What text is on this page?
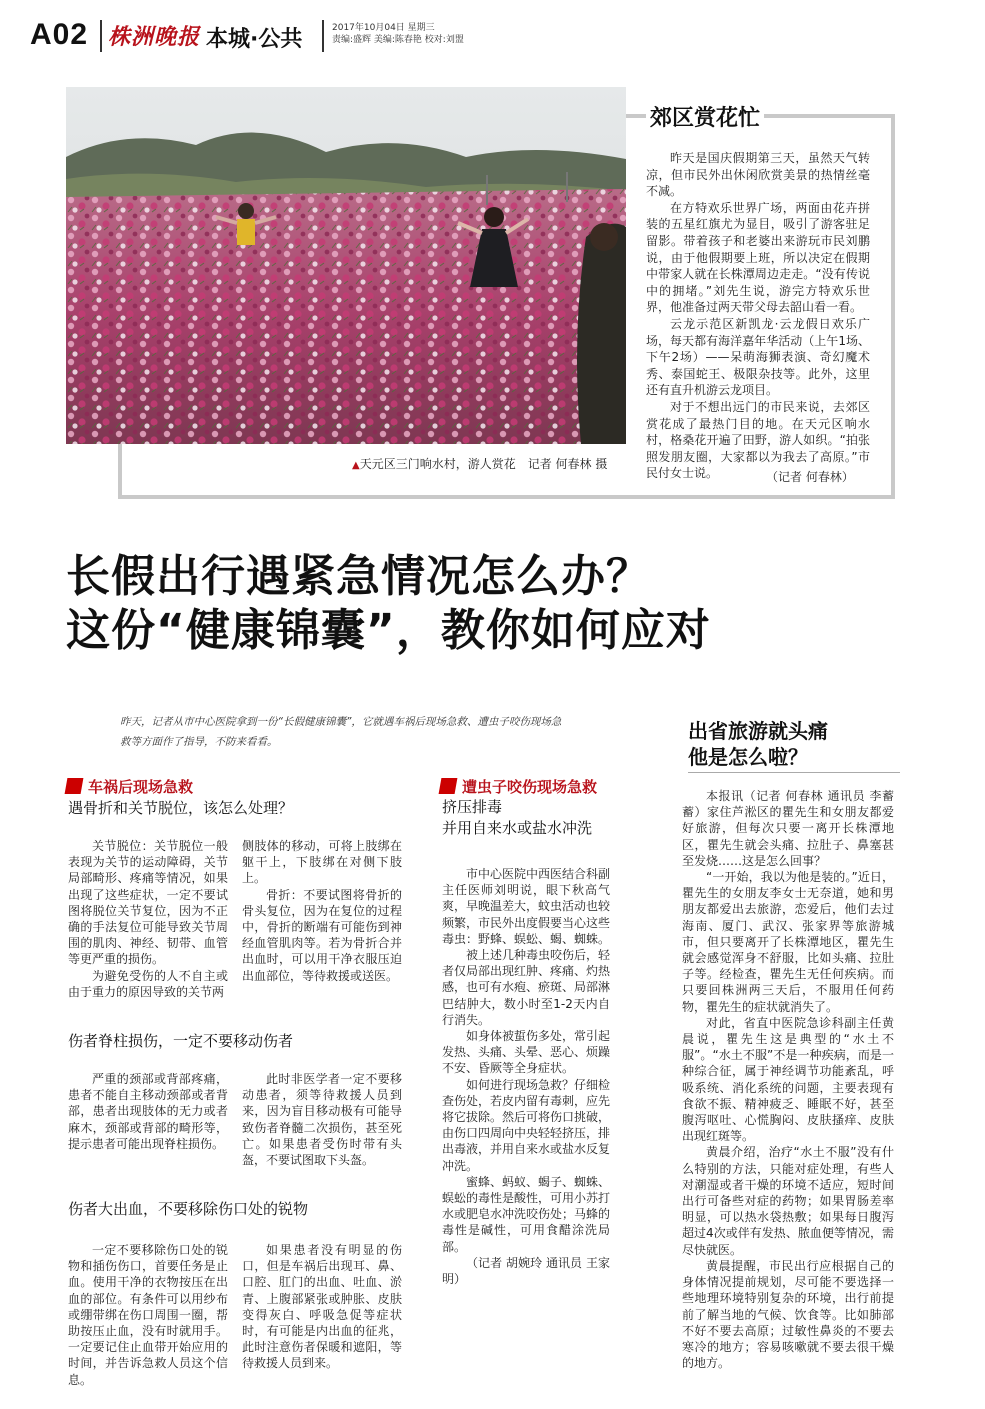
A02 株洲晚报 本城·公共	2017年10月04日 星期三
责编:盛辉 美编:陈春艳 校对:刘盟
▲天元区三门响水村，游人赏花　记者 何春林 摄
郊区赏花忙

昨天是国庆假期第三天，虽然天气转凉，但市民外出休闲欣赏美景的热情丝毫不减。

在方特欢乐世界广场，两面由花卉拼装的五星红旗尤为显目，吸引了游客驻足留影。带着孩子和老婆出来游玩市民刘鹏说，由于他假期要上班，所以决定在假期中带家人就在长株潭周边走走。“没有传说中的拥堵。”刘先生说，游完方特欢乐世界，他准备过两天带父母去韶山看一看。

云龙示范区新凯龙·云龙假日欢乐广场，每天都有海洋嘉年华活动（上午1场、下午2场）——呆萌海狮表演、奇幻魔术秀、泰国蛇王、极限杂技等。此外，这里还有直升机游云龙项目。

对于不想出远门的市民来说，去郊区赏花成了最热门目的地。在天元区响水村，格桑花开遍了田野，游人如织。“拍张照发朋友圈，大家都以为我去了高原。”市民付女士说。	（记者 何春林）
长假出行遇紧急情况怎么办？
这份“健康锦囊”，教你如何应对
昨天，记者从市中心医院拿到一份“长假健康锦囊”，它就遇车祸后现场急救、遭虫子咬伤现场急救等方面作了指导，不防来看看。
车祸后现场急救
遇骨折和关节脱位，该怎么处理？

关节脱位：关节脱位一般表现为关节的运动障碍，关节局部畸形、疼痛等情况，如果出现了这些症状，一定不要试图将脱位关节复位，因为不正确的手法复位可能导致关节周围的肌肉、神经、韧带、血管等更严重的损伤。

为避免受伤的人不自主或由于重力的原因导致的关节两

侧肢体的移动，可将上肢绑在躯干上，下肢绑在对侧下肢上。

骨折：不要试图将骨折的骨头复位，因为在复位的过程中，骨折的断端有可能伤到神经血管肌肉等。若为骨折合并出血时，可以用干净衣服压迫出血部位，等待救援或送医。

伤者脊柱损伤，一定不要移动伤者

严重的颈部或背部疼痛，患者不能自主移动颈部或者背部，患者出现肢体的无力或者麻木，颈部或背部的畸形等，提示患者可能出现脊柱损伤。

此时非医学者一定不要移动患者，须等待救援人员到来，因为盲目移动极有可能导致伤者脊髓二次损伤，甚至死亡。如果患者受伤时带有头盔，不要试图取下头盔。

伤者大出血，不要移除伤口处的锐物

一定不要移除伤口处的锐物和插伤伤口，首要任务是止血。使用干净的衣物按压在出血的部位。有条件可以用纱布或绷带绑在伤口周围一圈，帮助按压止血，没有时就用手。一定要记住止血带开始应用的时间，并告诉急救人员这个信息。

如果患者没有明显的伤口，但是车祸后出现耳、鼻、口腔、肛门的出血、吐血、淤青、上腹部紧张或肿胀、皮肤变得灰白、呼吸急促等症状时，有可能是内出血的征兆，此时注意伤者保暖和遮阳，等待救援人员到来。

遭虫子咬伤现场急救
挤压排毒
并用自来水或盐水冲洗

市中心医院中西医结合科副主任医师刘明说，眼下秋高气爽，早晚温差大，蚊虫活动也较频繁，市民外出度假要当心这些毒虫：野蜂、蜈蚣、蝎、蜘蛛。

被上述几种毒虫咬伤后，轻者仅局部出现红肿、疼痛、灼热感，也可有水疱、瘀斑、局部淋巴结肿大，数小时至1-2天内自行消失。

如身体被蜇伤多处，常引起发热、头痛、头晕、恶心、烦躁不安、昏厥等全身症状。

如何进行现场急救？仔细检查伤处，若皮内留有毒刺，应先将它拔除。然后可将伤口挑破，由伤口四周向中央轻轻挤压，排出毒液，并用自来水或盐水反复冲洗。

蜜蜂、蚂蚁、蝎子、蜘蛛、蜈蚣的毒性是酸性，可用小苏打水或肥皂水冲洗咬伤处；马蜂的毒性是碱性，可用食醋涂洗局部。

（记者 胡婉玲 通讯员 王家明）

出省旅游就头痛
他是怎么啦？

本报讯（记者 何春林 通讯员 李蓄蓄）家住芦淞区的瞿先生和女朋友都爱好旅游，但每次只要一离开长株潭地区，瞿先生就会头痛、拉肚子、鼻塞甚至发烧……这是怎么回事？

“一开始，我以为他是装的。”近日，瞿先生的女朋友李女士无奈道，她和男朋友都爱出去旅游，恋爱后，他们去过海南、厦门、武汉、张家界等旅游城市，但只要离开了长株潭地区，瞿先生就会感觉浑身不舒服，比如头痛、拉肚子等。经检查，瞿先生无任何疾病。而只要回株洲两三天后，不服用任何药物，瞿先生的症状就消失了。

对此，省直中医院急诊科副主任黄晨说，瞿先生这是典型的“水土不服”。“水土不服”不是一种疾病，而是一种综合征，属于神经调节功能紊乱，呼吸系统、消化系统的问题，主要表现有食欲不振、精神疲乏、睡眠不好，甚至腹泻呕吐、心慌胸闷、皮肤搔痒、皮肤出现红斑等。

黄晨介绍，治疗“水土不服”没有什么特别的方法，只能对症处理，有些人对潮湿或者干燥的环境不适应，短时间出行可备些对症的药物；如果胃肠差率明显，可以热水袋热敷；如果每日腹泻超过4次或伴有发热、脓血便等情况，需尽快就医。

黄晨提醒，市民出行应根据自己的身体情况提前规划，尽可能不要选择一些地理环境特别复杂的环境，出行前提前了解当地的气候、饮食等。比如肺部不好不要去高原；过敏性鼻炎的不要去寒冷的地方；容易咳嗽就不要去很干燥的地方。
